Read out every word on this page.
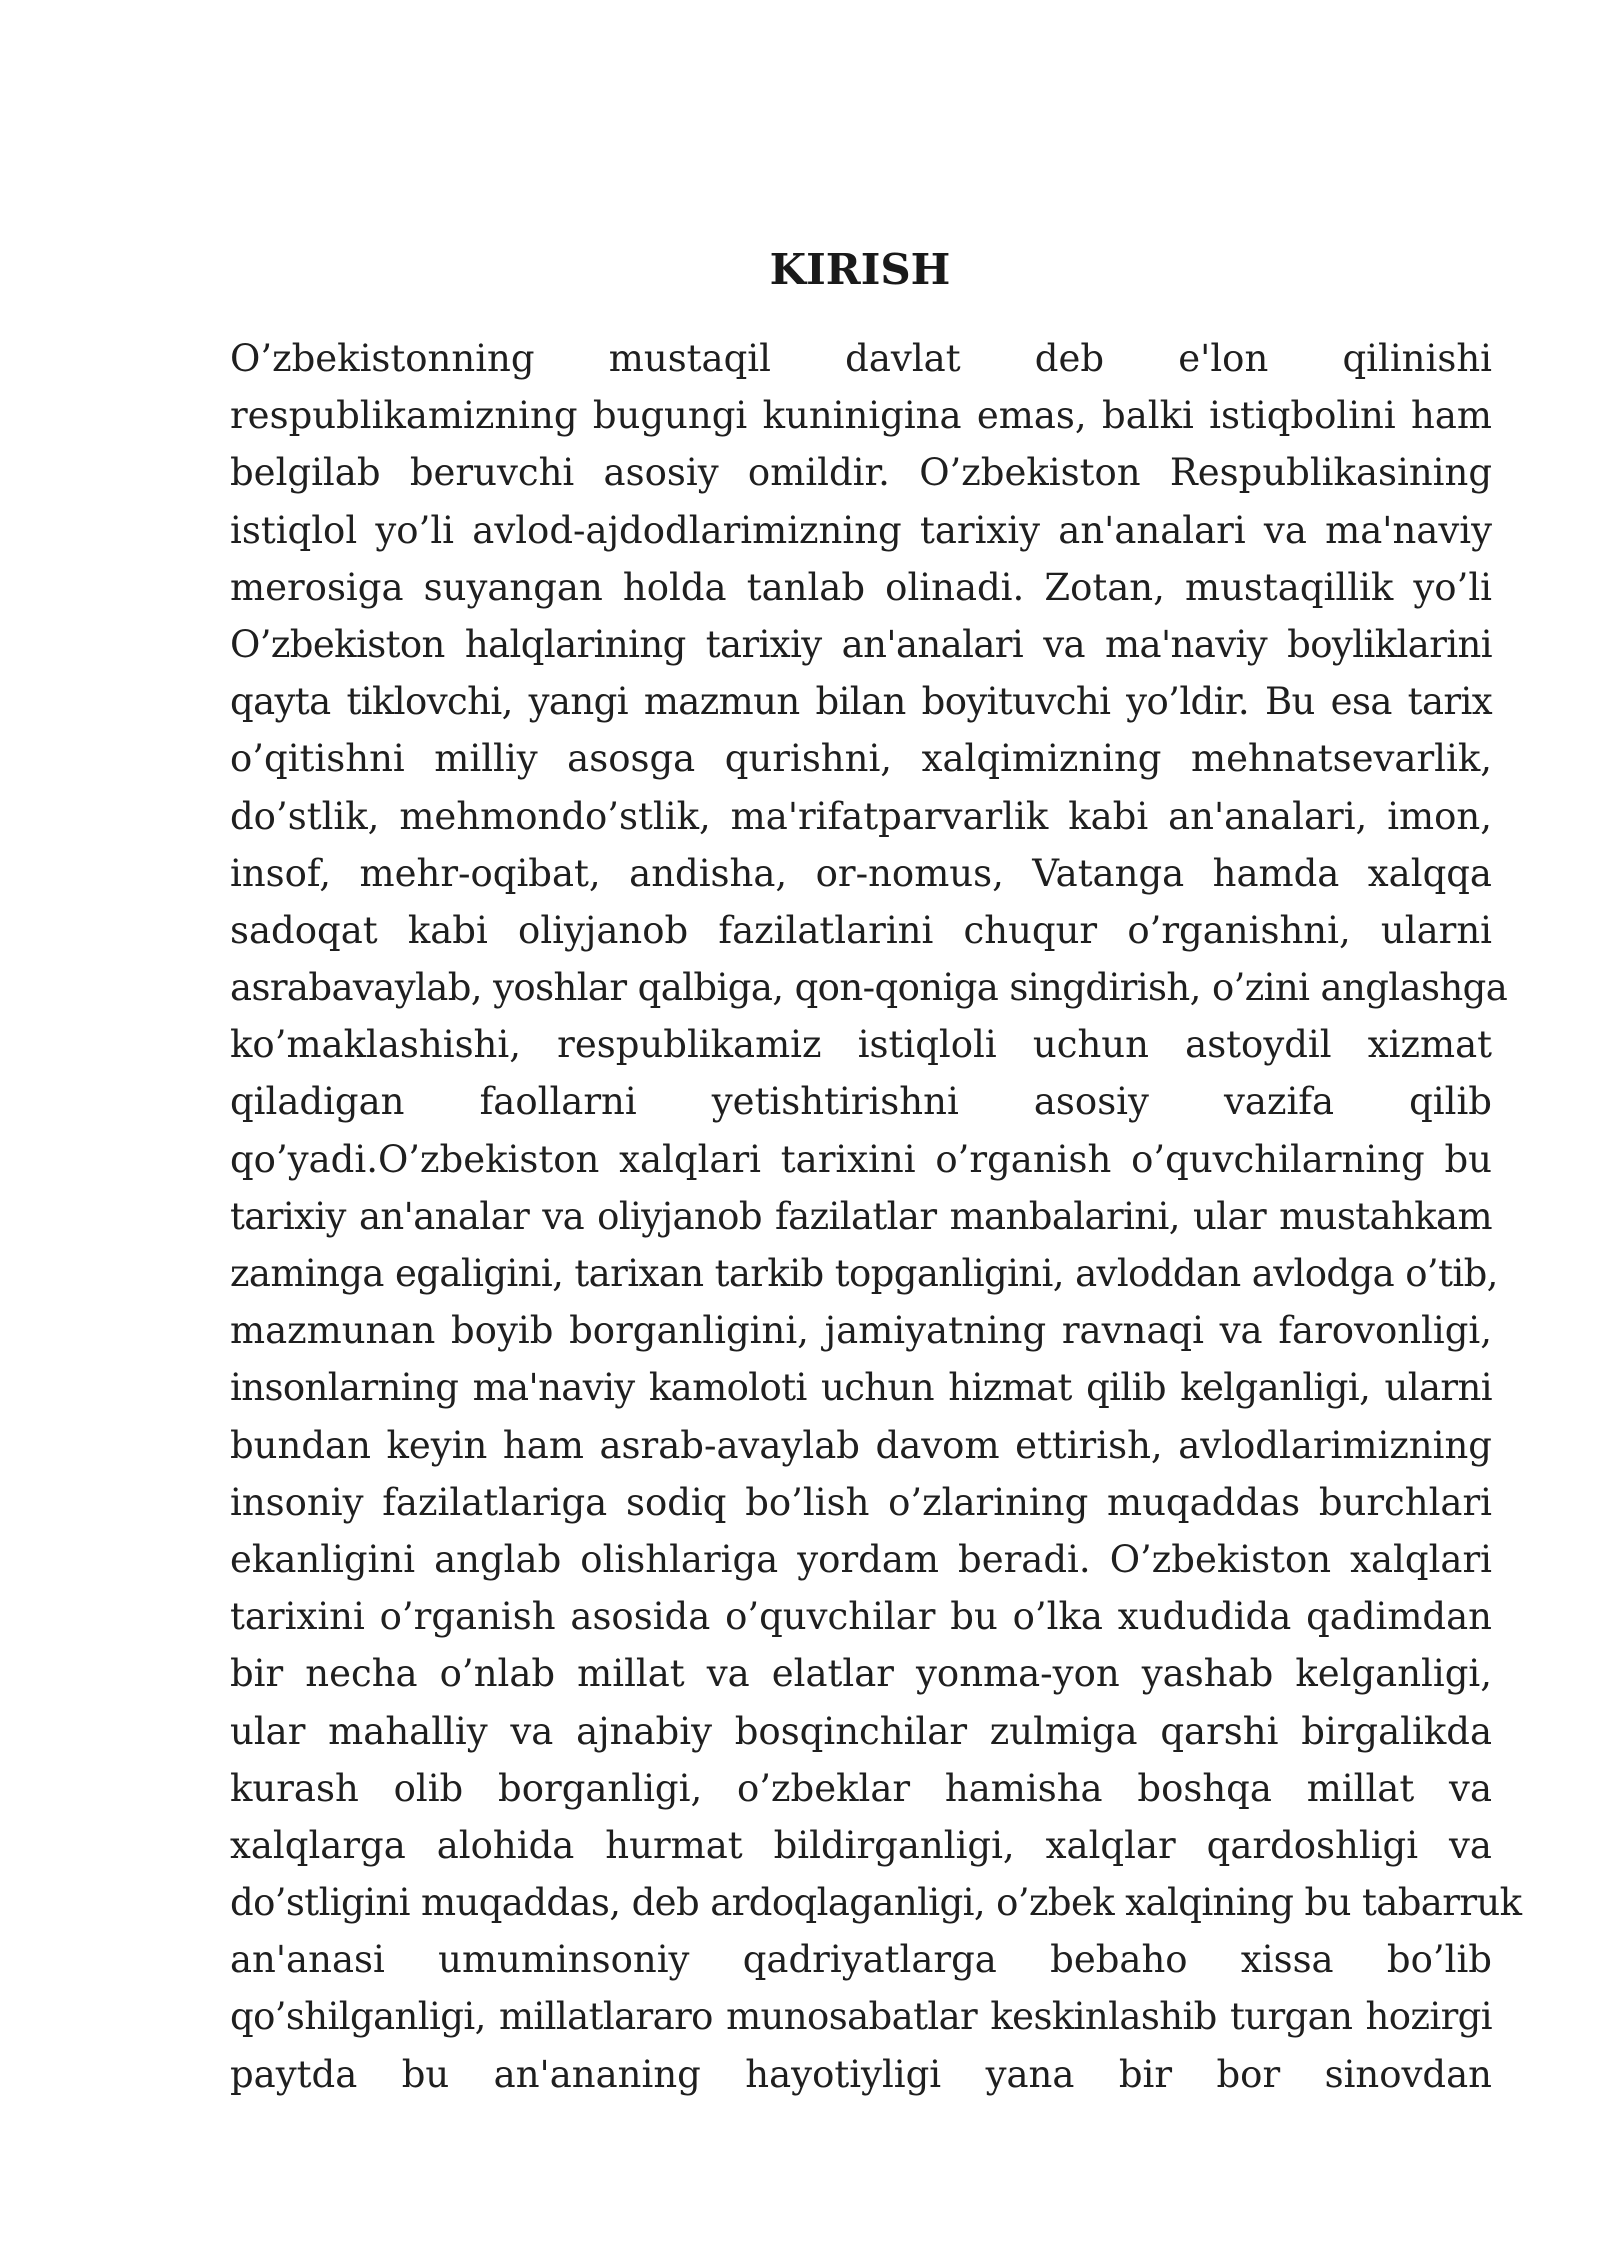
KIRISH
O’zbekistonning mustaqil davlat deb e'lon qilinishi
respublikamizning bugungi kuninigina emas, balki istiqbolini ham
belgilab beruvchi asosiy omildir. O’zbekiston Respublikasining
istiqlol yo’li avlod-ajdodlarimizning tarixiy an'analari va ma'naviy
merosiga suyangan holda tanlab olinadi. Zotan, mustaqillik yo’li
O’zbekiston halqlarining tarixiy an'analari va ma'naviy boyliklarini
qayta tiklovchi, yangi mazmun bilan boyituvchi yo’ldir. Bu esa tarix
o’qitishni milliy asosga qurishni, xalqimizning mehnatsevarlik,
do’stlik, mehmondo’stlik, ma'rifatparvarlik kabi an'analari, imon,
insof, mehr-oqibat, andisha, or-nomus, Vatanga hamda xalqqa
sadoqat kabi oliyjanob fazilatlarini chuqur o’rganishni, ularni
asrabavaylab, yoshlar qalbiga, qon-qoniga singdirish, o’zini anglashga
ko’maklashishi, respublikamiz istiqloli uchun astoydil xizmat
qiladigan faollarni yetishtirishni asosiy vazifa qilib
qo’yadi.O’zbekiston xalqlari tarixini o’rganish o’quvchilarning bu
tarixiy an'analar va oliyjanob fazilatlar manbalarini, ular mustahkam
zaminga egaligini, tarixan tarkib topganligini, avloddan avlodga o’tib,
mazmunan boyib borganligini, jamiyatning ravnaqi va farovonligi,
insonlarning ma'naviy kamoloti uchun hizmat qilib kelganligi, ularni
bundan keyin ham asrab-avaylab davom ettirish, avlodlarimizning
insoniy fazilatlariga sodiq bo’lish o’zlarining muqaddas burchlari
ekanligini anglab olishlariga yordam beradi. O’zbekiston xalqlari
tarixini o’rganish asosida o’quvchilar bu o’lka xududida qadimdan
bir necha o’nlab millat va elatlar yonma-yon yashab kelganligi,
ular mahalliy va ajnabiy bosqinchilar zulmiga qarshi birgalikda
kurash olib borganligi, o’zbeklar hamisha boshqa millat va
xalqlarga alohida hurmat bildirganligi, xalqlar qardoshligi va
do’stligini muqaddas, deb ardoqlaganligi, o’zbek xalqining bu tabarruk
an'anasi umuminsoniy qadriyatlarga bebaho xissa bo’lib
qo’shilganligi, millatlararo munosabatlar keskinlashib turgan hozirgi
paytda bu an'ananing hayotiyligi yana bir bor sinovdan
